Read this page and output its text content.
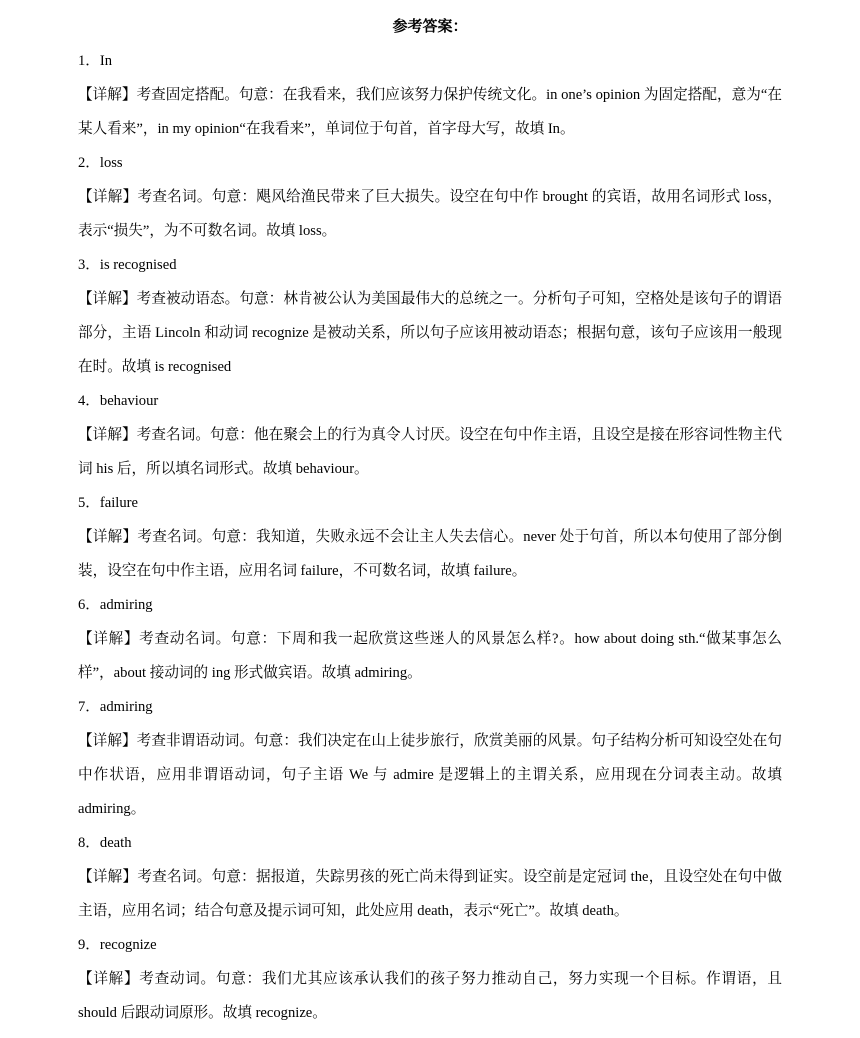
参考答案：

1．In

【详解】考查固定搭配。句意：在我看来，我们应该努力保护传统文化。in one’s opinion 为固定搭配，意为“在某人看来”，in my opinion“在我看来”，单词位于句首，首字母大写，故填 In。

2．loss

【详解】考查名词。句意：飓风给渔民带来了巨大损失。设空在句中作 brought 的宾语，故用名词形式 loss，表示“损失”，为不可数名词。故填 loss。

3．is recognised

【详解】考查被动语态。句意：林肯被公认为美国最伟大的总统之一。分析句子可知，空格处是该句子的谓语部分，主语 Lincoln 和动词 recognize 是被动关系，所以句子应该用被动语态；根据句意，该句子应该用一般现在时。故填 is recognised

4．behaviour

【详解】考查名词。句意：他在聚会上的行为真令人讨厌。设空在句中作主语，且设空是接在形容词性物主代词 his 后，所以填名词形式。故填 behaviour。

5．failure

【详解】考查名词。句意：我知道，失败永远不会让主人失去信心。never 处于句首，所以本句使用了部分倒装，设空在句中作主语，应用名词 failure，不可数名词，故填 failure。

6．admiring

【详解】考查动名词。句意：下周和我一起欣赏这些迷人的风景怎么样?。how about doing sth.“做某事怎么样”，about 接动词的 ing 形式做宾语。故填 admiring。

7．admiring

【详解】考查非谓语动词。句意：我们决定在山上徒步旅行，欣赏美丽的风景。句子结构分析可知设空处在句中作状语，应用非谓语动词，句子主语 We 与 admire 是逻辑上的主谓关系，应用现在分词表主动。故填 admiring。

8．death

【详解】考查名词。句意：据报道，失踪男孩的死亡尚未得到证实。设空前是定冠词 the，且设空处在句中做主语，应用名词；结合句意及提示词可知，此处应用 death，表示“死亡”。故填 death。

9．recognize

【详解】考查动词。句意：我们尤其应该承认我们的孩子努力推动自己，努力实现一个目标。作谓语，且 should 后跟动词原形。故填 recognize。
